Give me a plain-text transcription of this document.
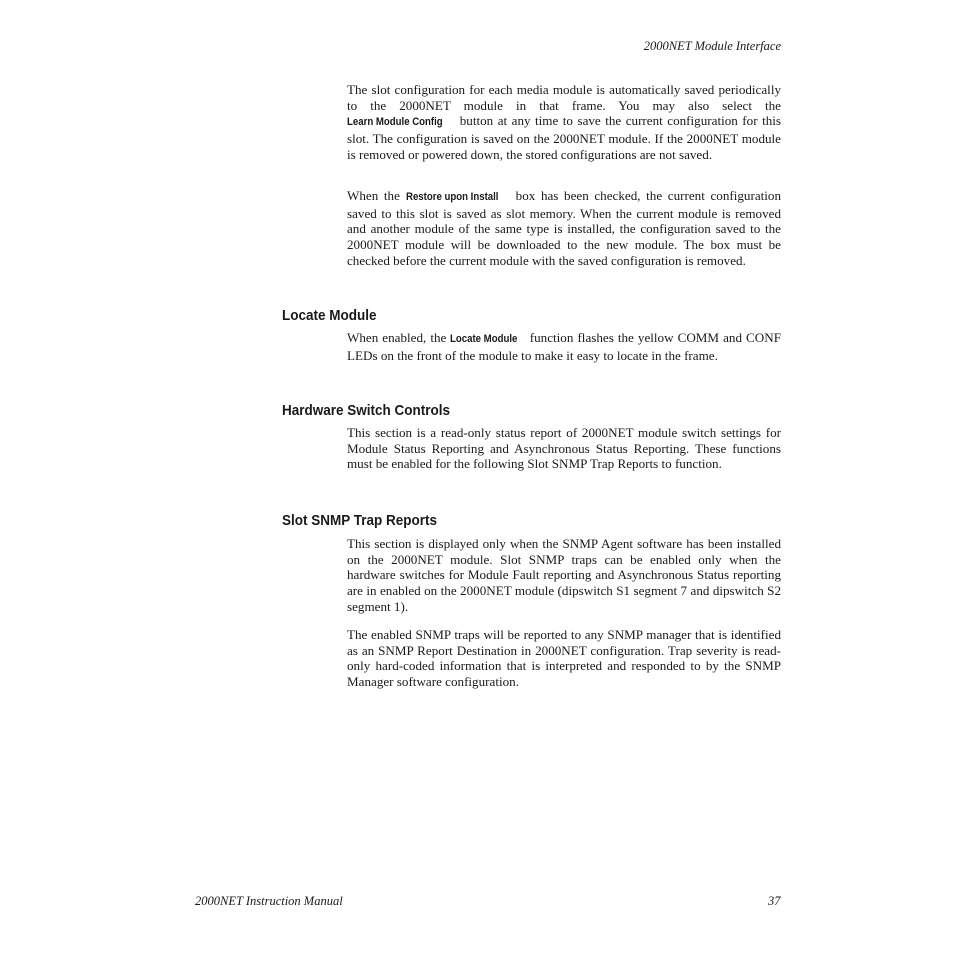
2000NET Module Interface

The slot configuration for each media module is automatically saved periodically to the 2000NET module in that frame. You may also select the Learn Module Config button at any time to save the current configuration for this slot. The configuration is saved on the 2000NET module. If the 2000NET module is removed or powered down, the stored configurations are not saved.

When the Restore upon Install box has been checked, the current configuration saved to this slot is saved as slot memory. When the current module is removed and another module of the same type is installed, the configuration saved to the 2000NET module will be downloaded to the new module. The box must be checked before the current module with the saved configuration is removed.

Locate Module

When enabled, the Locate Module function flashes the yellow COMM and CONF LEDs on the front of the module to make it easy to locate in the frame.

Hardware Switch Controls

This section is a read-only status report of 2000NET module switch settings for Module Status Reporting and Asynchronous Status Reporting. These functions must be enabled for the following Slot SNMP Trap Reports to function.

Slot SNMP Trap Reports

This section is displayed only when the SNMP Agent software has been installed on the 2000NET module. Slot SNMP traps can be enabled only when the hardware switches for Module Fault reporting and Asynchronous Status reporting are in enabled on the 2000NET module (dipswitch S1 segment 7 and dipswitch S2 segment 1).

The enabled SNMP traps will be reported to any SNMP manager that is identified as an SNMP Report Destination in 2000NET configuration. Trap severity is read-only hard-coded information that is interpreted and responded to by the SNMP Manager software configuration.

2000NET Instruction Manual	37
